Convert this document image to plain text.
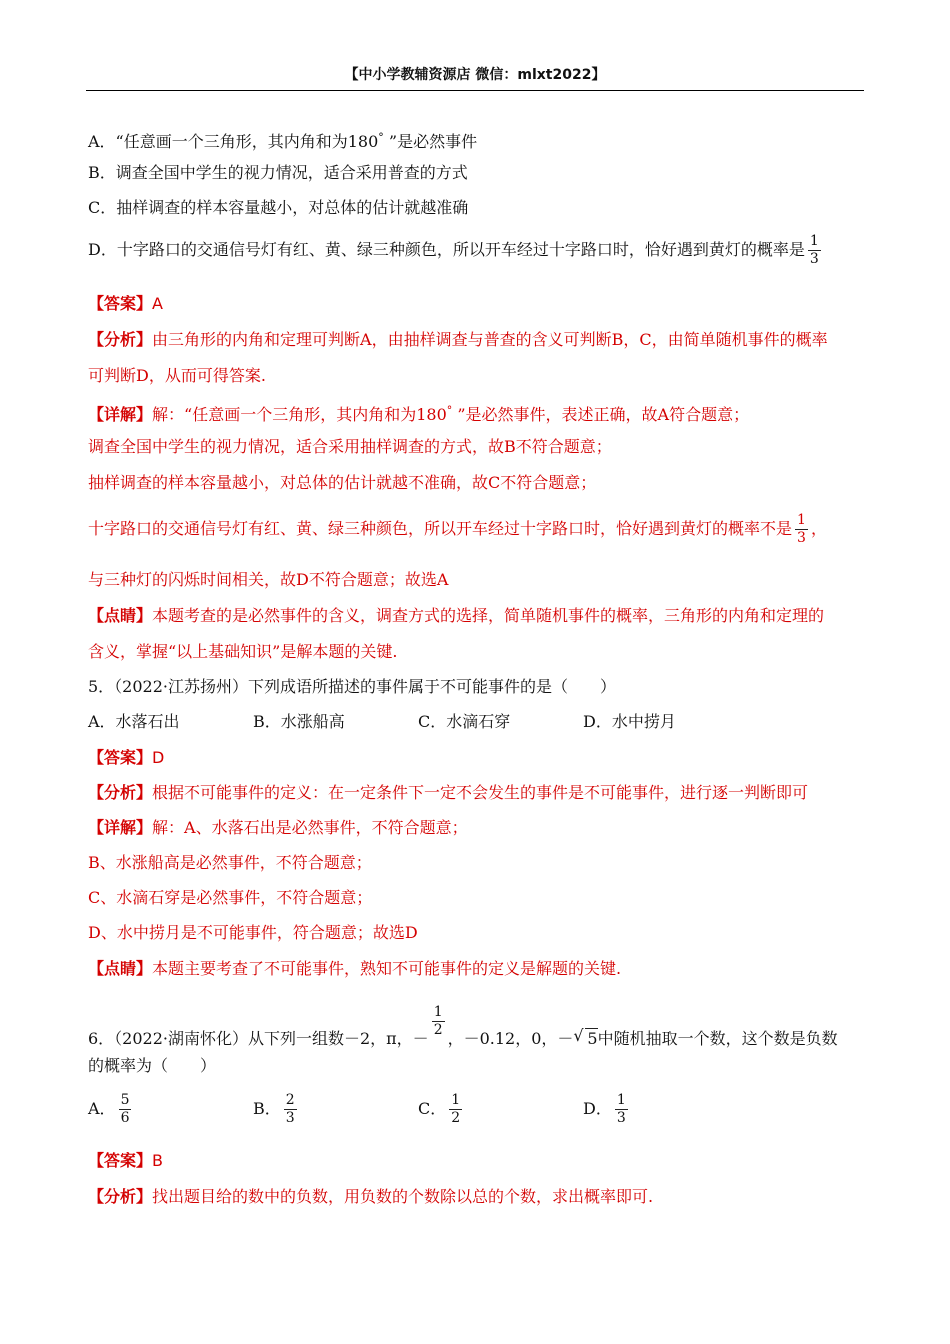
【中小学教辅资源店 微信：mlxt2022】
A．“任意画一个三角形，其内角和为180° ”是必然事件
B．调查全国中学生的视力情况，适合采用普查的方式
C．抽样调查的样本容量越小，对总体的估计就越准确
D．十字路口的交通信号灯有红、黄、绿三种颜色，所以开车经过十字路口时，恰好遇到黄灯的概率是 $\frac{1}{3}$
【答案】A
【分析】由三角形的内角和定理可判断A，由抽样调查与普查的含义可判断B，C，由简单随机事件的概率
可判断D，从而可得答案.
【详解】解：“任意画一个三角形，其内角和为180° ”是必然事件，表述正确，故A符合题意；
调查全国中学生的视力情况，适合采用抽样调查的方式，故B不符合题意；
抽样调查的样本容量越小，对总体的估计就越不准确，故C不符合题意；
十字路口的交通信号灯有红、黄、绿三种颜色，所以开车经过十字路口时，恰好遇到黄灯的概率不是 $\frac{1}{3}$ ，
与三种灯的闪烁时间相关，故D不符合题意；故选A
【点睛】本题考查的是必然事件的含义，调查方式的选择，简单随机事件的概率，三角形的内角和定理的
含义，掌握“以上基础知识”是解本题的关键.
5．（2022·江苏扬州）下列成语所描述的事件属于不可能事件的是（　　）
A．水落石出	B．水涨船高	C．水滴石穿	D．水中捞月
【答案】D
【分析】根据不可能事件的定义：在一定条件下一定不会发生的事件是不可能事件，进行逐一判断即可
【详解】解：A、水落石出是必然事件，不符合题意；
B、水涨船高是必然事件，不符合题意；
C、水滴石穿是必然事件，不符合题意；
D、水中捞月是不可能事件，符合题意；故选D
【点睛】本题主要考查了不可能事件，熟知不可能事件的定义是解题的关键.
6．（2022·湖南怀化）从下列一组数－2，π，－ $\frac{1}{2}$ ，－0.12，0，－√ 5中随机抽取一个数，这个数是负数
的概率为（　　）
A． $\frac{5}{6}$	B． $\frac{2}{3}$	C． $\frac{1}{2}$	D． $\frac{1}{3}$
【答案】B
【分析】找出题目给的数中的负数，用负数的个数除以总的个数，求出概率即可.
